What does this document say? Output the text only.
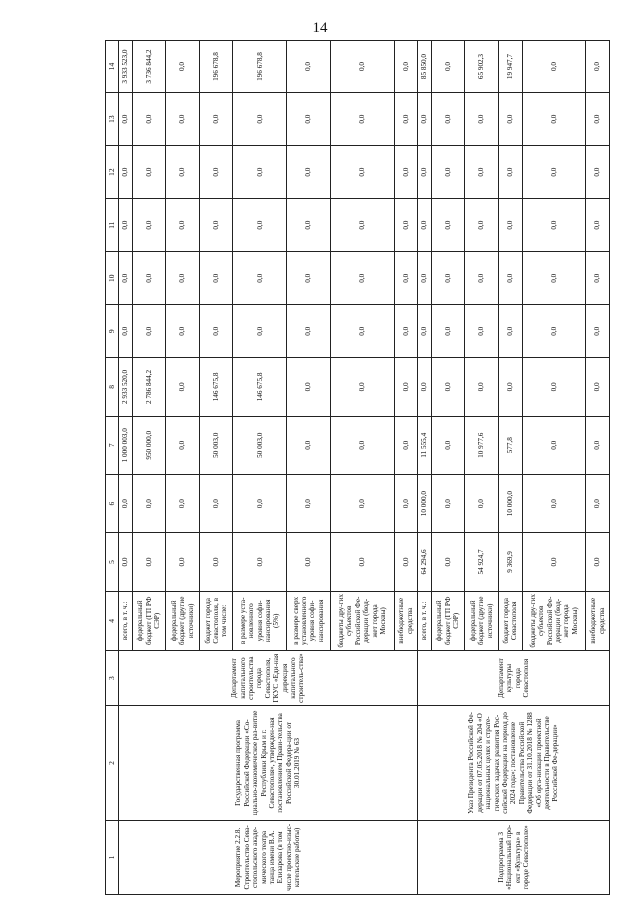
14
1	2	3	4	5	6	7	8	9	10	11	12	13	14
Мероприятие 2.2.8. Строительство Сева-стопольского акаде-мического театра танца имени В.А. Елизарова (в том числе проектно-изыс-кательские работы)	Государственная программа Российской Федерации «Со-циально-экономическое раз-витие Республики Крым и г. Севастополя», утвержден-ная постановлением Прави-тельства Российской Федера-ции от 30.01.2019 № 63	Департамент капитального строительства города Севастополя, ГКУС «Еди-ная дирекция капитального строитель-ства»	всего, в т. ч.:	0,0	0,0	1 000 003,0	2 933 520,0	0,0	0,0	0,0	0,0	0,0	3 933 523,0
			федеральный бюджет (ГП РФ СЭР)	0,0	0,0	950 000,0	2 786 844,2	0,0	0,0	0,0	0,0	0,0	3 736 844,2
			федеральный бюджет (другие источники)	0,0	0,0	0,0	0,0	0,0	0,0	0,0	0,0	0,0	0,0
			бюджет города Севастополя, в том числе:	0,0	0,0	50 003,0	146 675,8	0,0	0,0	0,0	0,0	0,0	196 678,8
			в размере уста-новленного уровня софи-нансирования (5%)	0,0	0,0	50 003,0	146 675,8	0,0	0,0	0,0	0,0	0,0	196 678,8
			в размере сверх установленного уровня софи-нансирования	0,0	0,0	0,0	0,0	0,0	0,0	0,0	0,0	0,0	0,0
			бюджеты дру-гих субъектов Российской Фе-дерации (бюд-жет города Москвы)	0,0	0,0	0,0	0,0	0,0	0,0	0,0	0,0	0,0	0,0
			внебюджетные средства	0,0	0,0	0,0	0,0	0,0	0,0	0,0	0,0	0,0	0,0
Подпрограмма 3 «Национальный про-ект «Культура» в городе Севастополе»	Указ Президента Российской Фе-дерации от 07.05.2018 № 204 «О национальных целях и страте-гических задачах развития Рос-сийской Федерации на период до 2024 года»; постановление Правительства Российской Федерации от 31.10.2018 № 1288 «Об орга-низации проектной деятельности в Правительстве Российской Фе-дерации»	Департамент культуры города Севастополя	всего, в т. ч.:	64 294,6	10 000,0	11 555,4	0,0	0,0	0,0	0,0	0,0	0,0	85 850,0
			федеральный бюджет (ГП РФ СЭР)	0,0	0,0	0,0	0,0	0,0	0,0	0,0	0,0	0,0	0,0
			федеральный бюджет (другие источники)	54 924,7	0,0	10 977,6	0,0	0,0	0,0	0,0	0,0	0,0	65 902,3
			бюджет города Севастополя	9 369,9	10 000,0	577,8	0,0	0,0	0,0	0,0	0,0	0,0	19 947,7
			бюджеты дру-гих субъектов Российской Фе-дерации (бюд-жет города Москвы)	0,0	0,0	0,0	0,0	0,0	0,0	0,0	0,0	0,0	0,0
			внебюджетные средства	0,0	0,0	0,0	0,0	0,0	0,0	0,0	0,0	0,0	0,0
